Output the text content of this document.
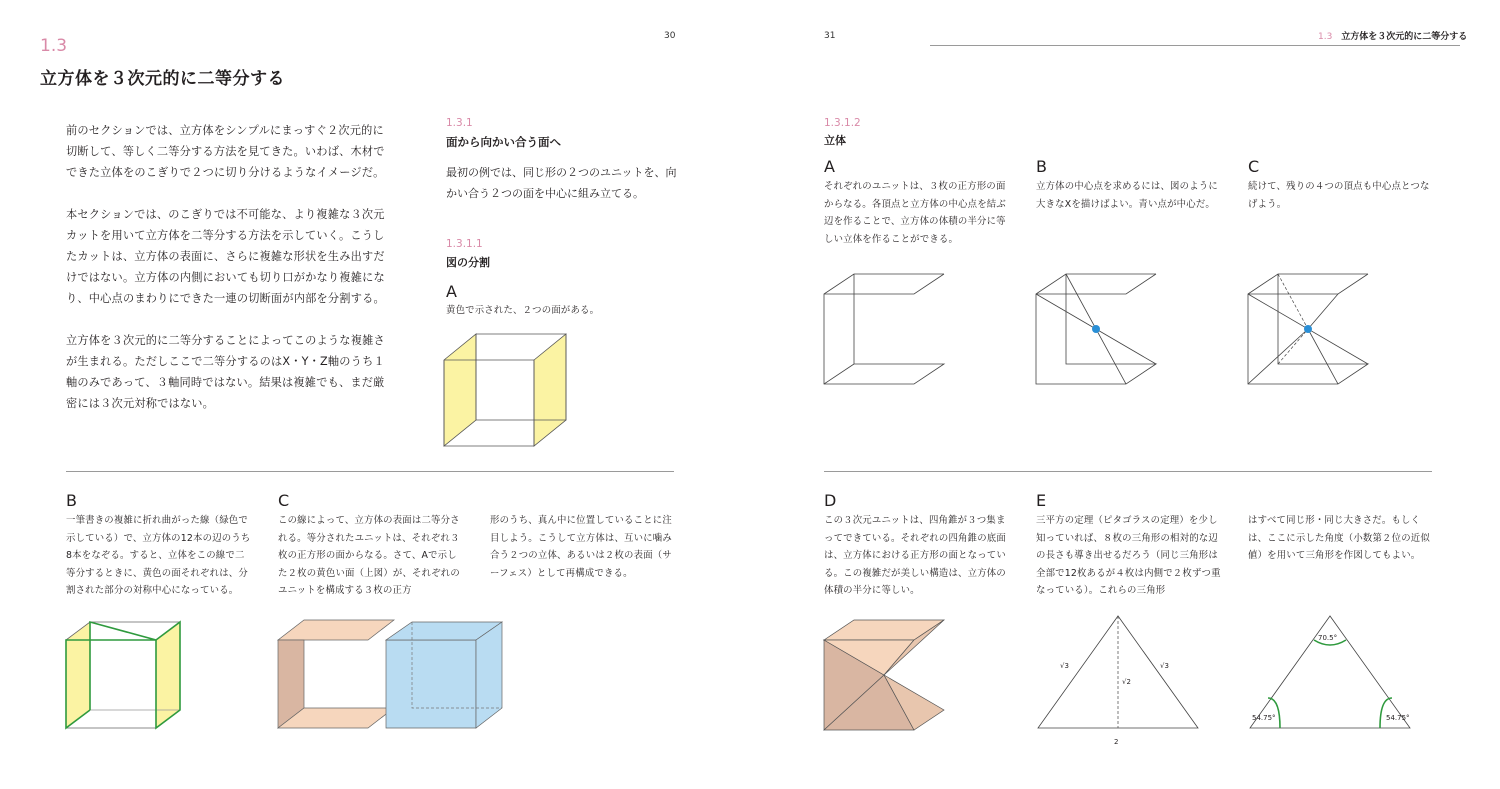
30
1.3
立方体を３次元的に二等分する

前のセクションでは、立方体をシンプルにまっすぐ２次元的に切断して、等しく二等分する方法を見てきた。いわば、木材でできた立体をのこぎりで２つに切り分けるようなイメージだ。

本セクションでは、のこぎりでは不可能な、より複雑な３次元カットを用いて立方体を二等分する方法を示していく。こうしたカットは、立方体の表面に、さらに複雑な形状を生み出すだけではない。立方体の内側においても切り口がかなり複雑になり、中心点のまわりにできた一連の切断面が内部を分割する。

立方体を３次元的に二等分することによってこのような複雑さが生まれる。ただしここで二等分するのはX・Y・Z軸のうち１軸のみであって、３軸同時ではない。結果は複雑でも、まだ厳密には３次元対称ではない。

1.3.1
面から向かい合う面へ
最初の例では、同じ形の２つのユニットを、向かい合う２つの面を中心に組み立てる。
1.3.1.1
図の分割
A
黄色で示された、２つの面がある。
B
一筆書きの複雑に折れ曲がった線（緑色で示している）で、立方体の12本の辺のうち8本をなぞる。すると、立体をこの線で二等分するときに、黄色の面それぞれは、分割された部分の対称中心になっている。
C
この線によって、立方体の表面は二等分される。等分されたユニットは、それぞれ３枚の正方形の面からなる。さて、Aで示した２枚の黄色い面（上図）が、それぞれのユニットを構成する３枚の正方
形のうち、真ん中に位置していることに注目しよう。こうして立方体は、互いに噛み合う２つの立体、あるいは２枚の表面（サーフェス）として再構成できる。
31	1.3 立方体を３次元的に二等分する
1.3.1.2
立体
A
それぞれのユニットは、３枚の正方形の面からなる。各頂点と立方体の中心点を結ぶ辺を作ることで、立方体の体積の半分に等しい立体を作ることができる。
B
立方体の中心点を求めるには、図のように大きなXを描けばよい。青い点が中心だ。
C
続けて、残りの４つの頂点も中心点とつなげよう。
D
この３次元ユニットは、四角錐が３つ集まってできている。それぞれの四角錐の底面は、立方体における正方形の面となっている。この複雑だが美しい構造は、立方体の体積の半分に等しい。
E
三平方の定理（ピタゴラスの定理）を少し知っていれば、８枚の三角形の相対的な辺の長さも導き出せるだろう（同じ三角形は全部で12枚あるが４枚は内側で２枚ずつ重なっている）。これらの三角形
はすべて同じ形・同じ大きさだ。もしくは、ここに示した角度（小数第２位の近似値）を用いて三角形を作図してもよい。
√3	√3
√2
2
70.5°
54.75°	54.75°
